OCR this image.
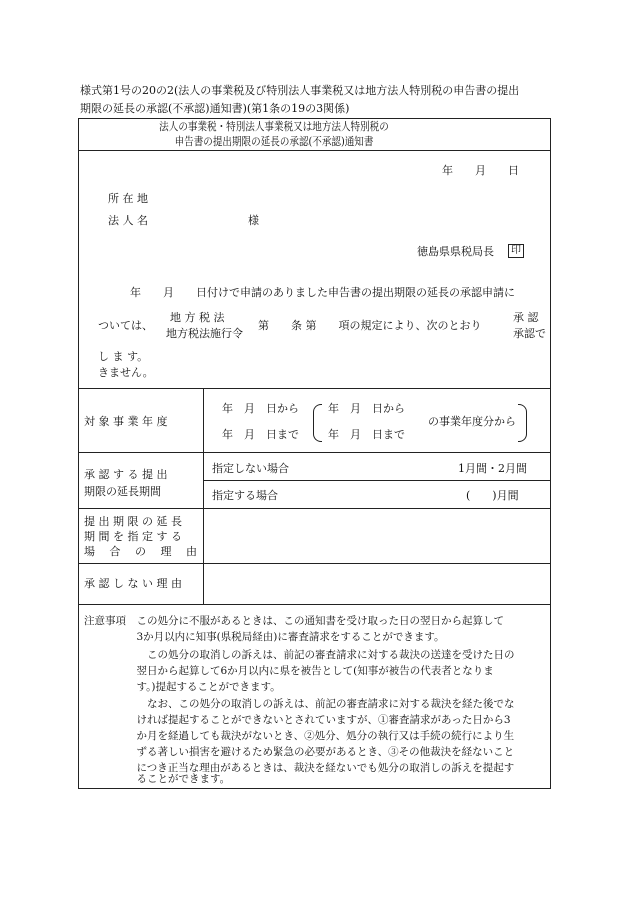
様式第1号の20の2(法人の事業税及び特別法人事業税又は地方法人特別税の申告書の提出
期限の延長の承認(不承認)通知書)(第1条の19の3関係)
法人の事業税・特別法人事業税又は地方法人特別税の
申告書の提出期限の延長の承認(不承認)通知書
年　　月　　日
所 在 地
法 人 名	様
徳島県県税局長	印
年　　月　　日付けで申請のありました申告書の提出期限の延長の承認申請に
ついては、
地 方 税 法
地方税法施行令
第　　条 第　　項の規定により、次のとおり
承 認
承認で
し ま す。
きません。
対 象 事 業 年 度
年　月　日から
年　月　日まで
年　月　日から
年　月　日まで
の事業年度分から
承 認 す る 提 出
期限の延長期間
指定しない場合	1月間・2月間
指定する場合	(　　)月間
提 出 期 限 の 延 長
期 間 を 指 定 す る
場　 合　 の　 理　 由
承 認 し な い 理 由
注意事項　この処分に不服があるときは、この通知書を受け取った日の翌日から起算して
　　　　　3か月以内に知事(県税局経由)に審査請求をすることができます。
　　　　　　この処分の取消しの訴えは、前記の審査請求に対する裁決の送達を受けた日の
　　　　　翌日から起算して6か月以内に県を被告として(知事が被告の代表者となりま
　　　　　す。)提起することができます。
　　　　　　なお、この処分の取消しの訴えは、前記の審査請求に対する裁決を経た後でな
　　　　　ければ提起することができないとされていますが、①審査請求があった日から3
　　　　　か月を経過しても裁決がないとき、②処分、処分の執行又は手続の続行により生
　　　　　ずる著しい損害を避けるため緊急の必要があるとき、③その他裁決を経ないこと
　　　　　につき正当な理由があるときは、裁決を経ないでも処分の取消しの訴えを提起す
　　　　　ることができます。
